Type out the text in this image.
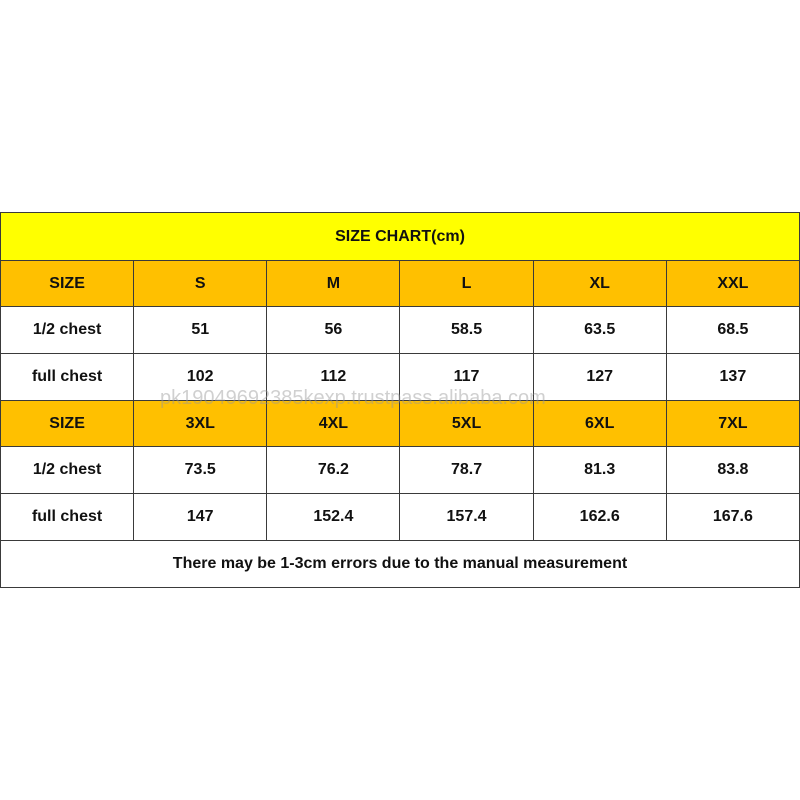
SIZE CHART(cm)					
SIZE	S	M	L	XL	XXL
1/2 chest	51	56	58.5	63.5	68.5
full chest	102	112	117	127	137
SIZE	3XL	4XL	5XL	6XL	7XL
1/2 chest	73.5	76.2	78.7	81.3	83.8
full chest	147	152.4	157.4	162.6	167.6
There may be 1-3cm errors due to the manual measurement					
pk1904969238​5kexp.trustpass.alibaba.com
